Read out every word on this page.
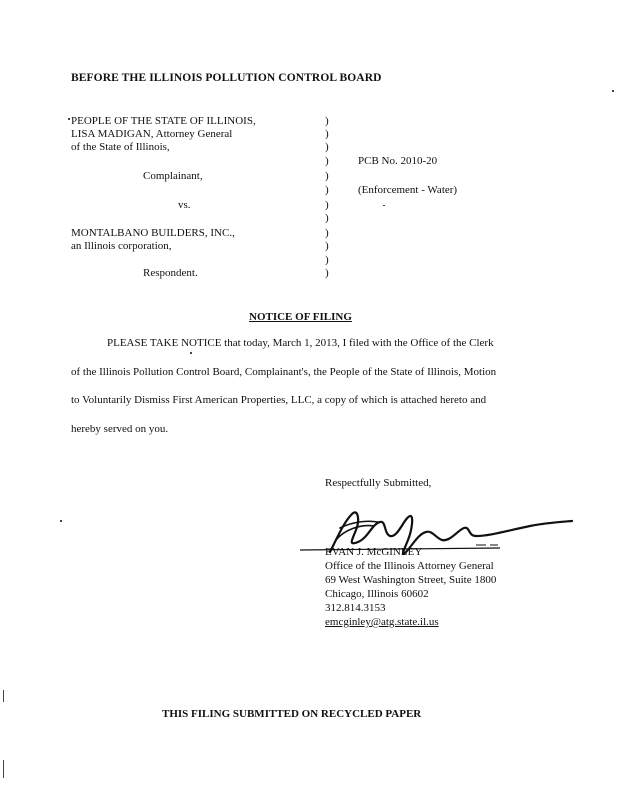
BEFORE THE ILLINOIS POLLUTION CONTROL BOARD
PEOPLE OF THE STATE OF ILLINOIS,
LISA MADIGAN, Attorney General
of the State of Illinois,
Complainant,
vs.
MONTALBANO BUILDERS, INC.,
an Illinois corporation,
Respondent.
)
)
)
)
)
)
)
)
)
)
)
)
PCB No. 2010-20
(Enforcement - Water)
NOTICE OF FILING
PLEASE TAKE NOTICE that today, March 1, 2013, I filed with the Office of the Clerk
of the Illinois Pollution Control Board, Complainant's, the People of the State of Illinois, Motion
to Voluntarily Dismiss First American Properties, LLC, a copy of which is attached hereto and
hereby served on you.
Respectfully Submitted,
EVAN J. McGINLEY
Office of the Illinois Attorney General
69 West Washington Street, Suite 1800
Chicago, Illinois 60602
312.814.3153
emcginley@atg.state.il.us
THIS FILING SUBMITTED ON RECYCLED PAPER
